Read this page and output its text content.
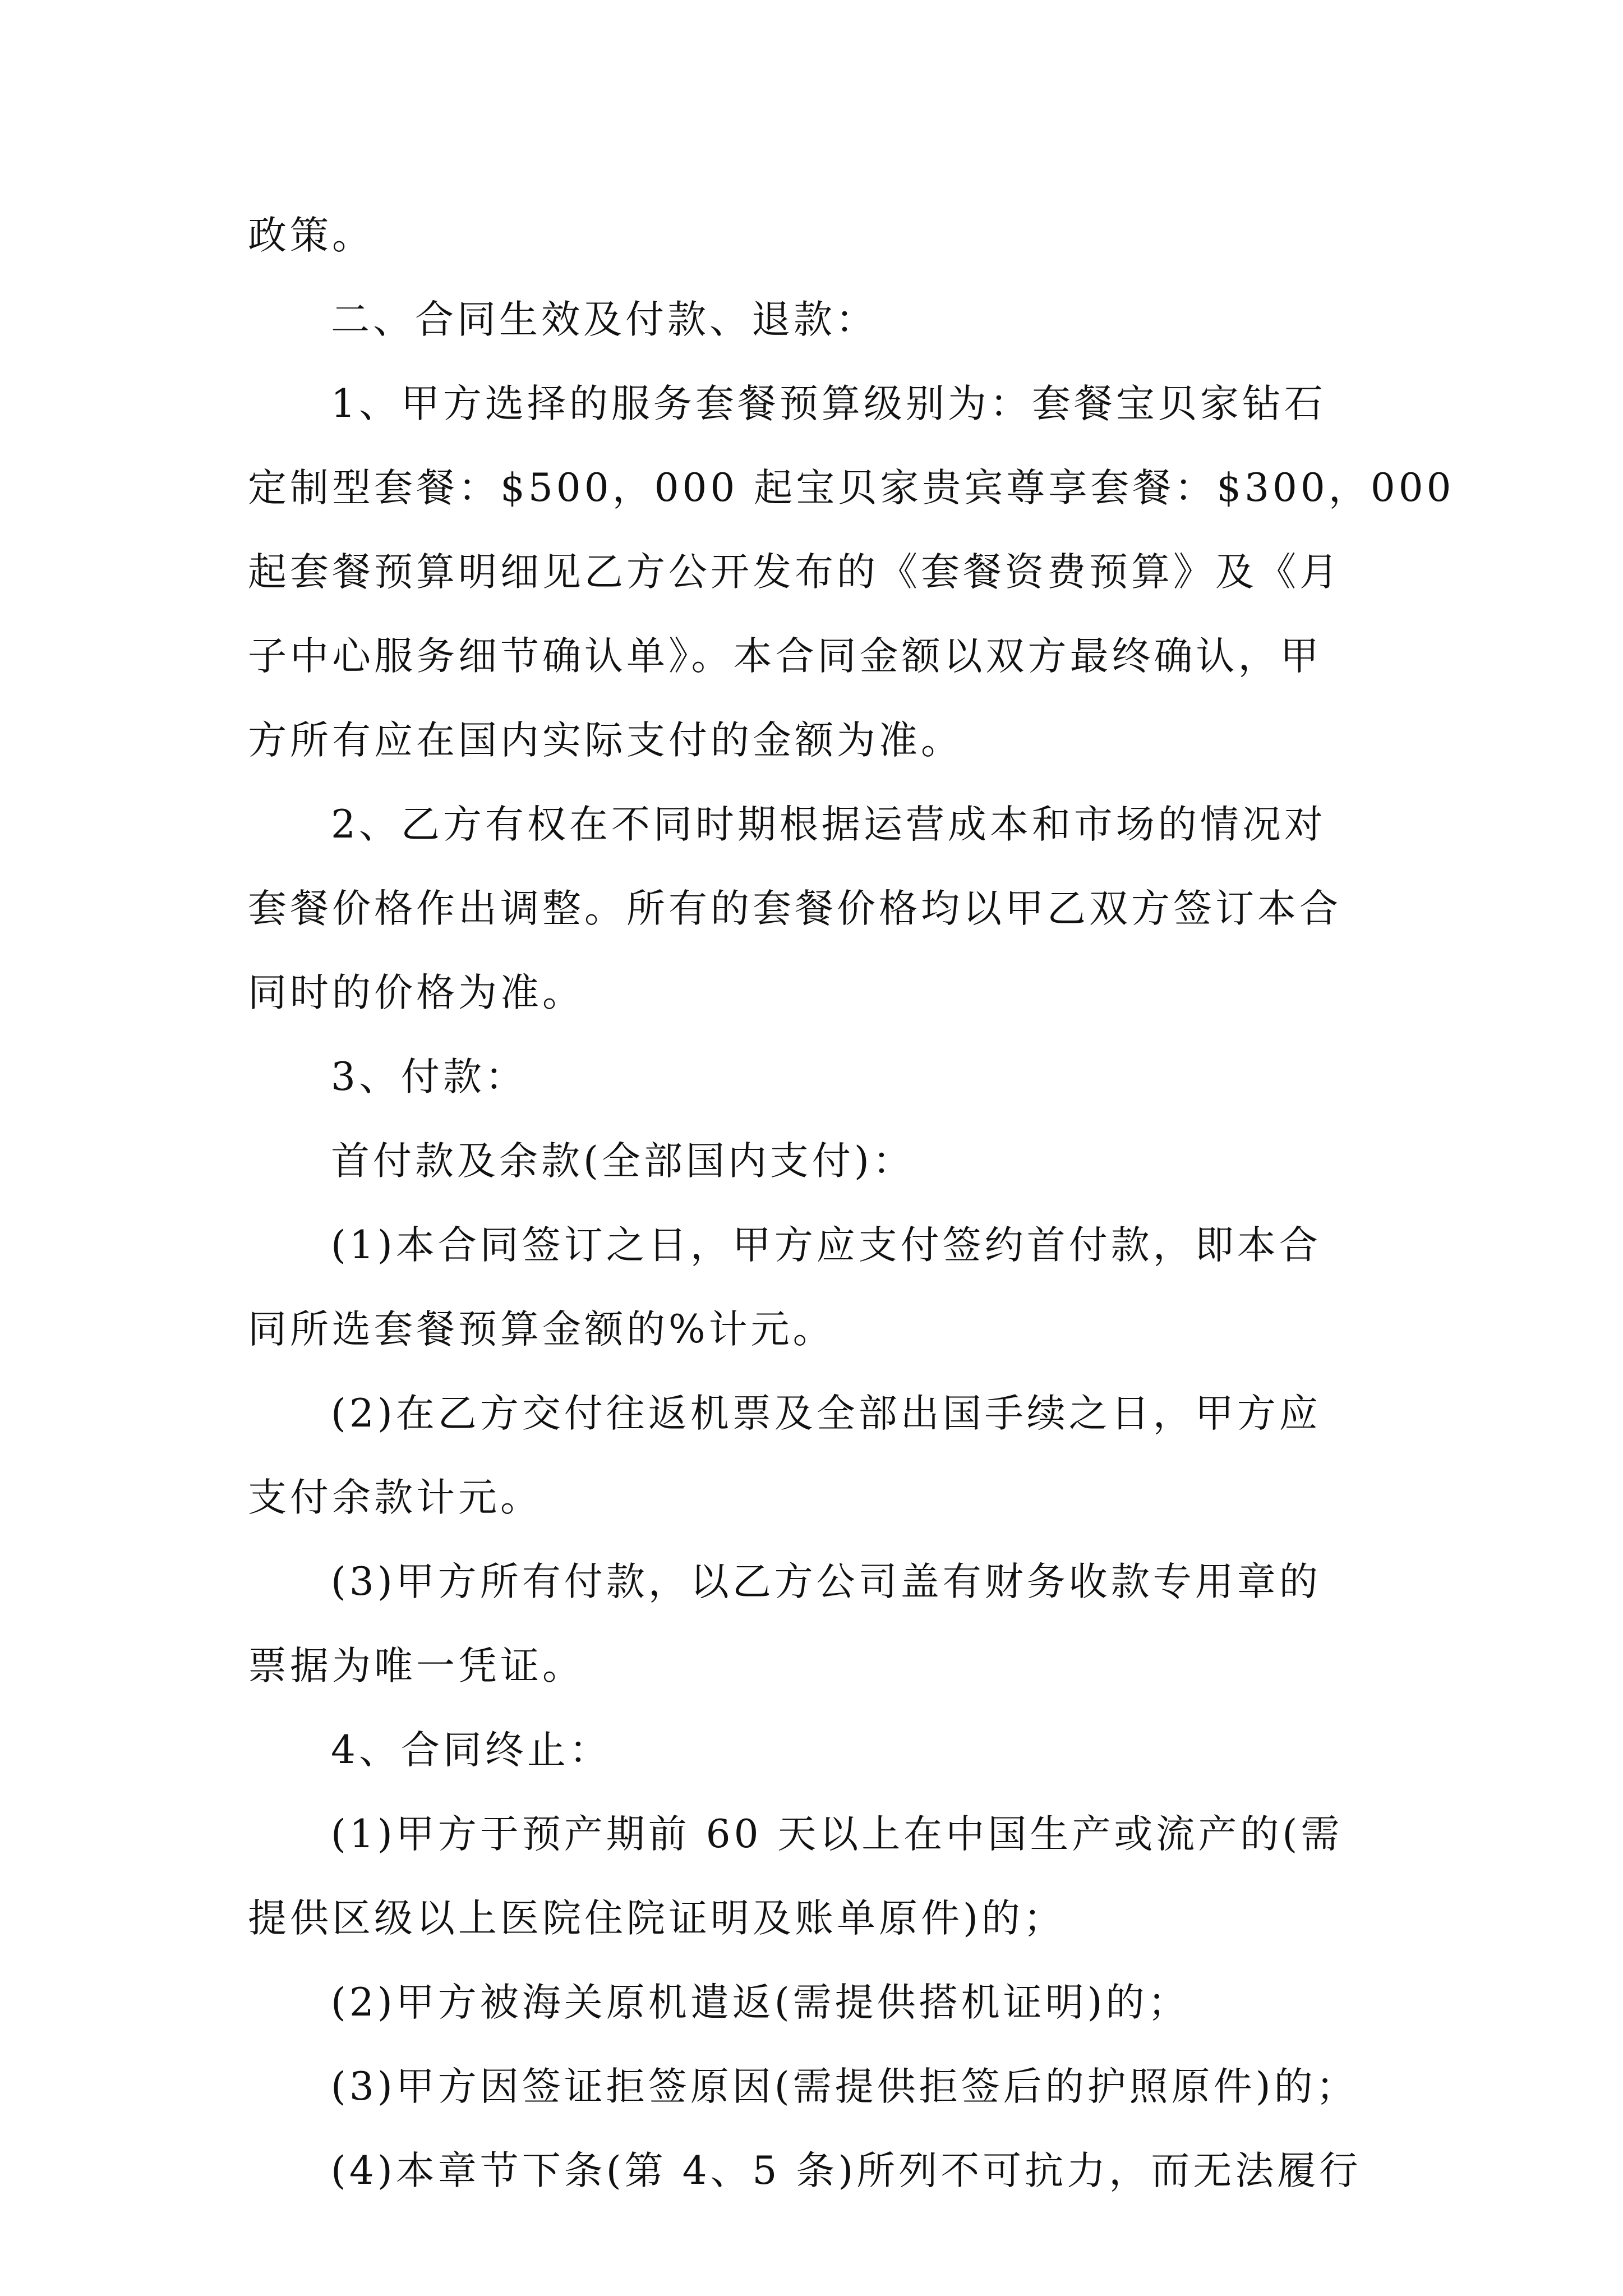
政策。
二、合同生效及付款、退款：
1、甲方选择的服务套餐预算级别为：套餐宝贝家钻石
定制型套餐：$500，000 起宝贝家贵宾尊享套餐：$300，000
起套餐预算明细见乙方公开发布的《套餐资费预算》及《月
子中心服务细节确认单》。本合同金额以双方最终确认，甲
方所有应在国内实际支付的金额为准。
2、乙方有权在不同时期根据运营成本和市场的情况对
套餐价格作出调整。所有的套餐价格均以甲乙双方签订本合
同时的价格为准。
3、付款：
首付款及余款(全部国内支付)：
(1)本合同签订之日，甲方应支付签约首付款，即本合
同所选套餐预算金额的%计元。
(2)在乙方交付往返机票及全部出国手续之日，甲方应
支付余款计元。
(3)甲方所有付款，以乙方公司盖有财务收款专用章的
票据为唯一凭证。
4、合同终止：
(1)甲方于预产期前 60 天以上在中国生产或流产的(需
提供区级以上医院住院证明及账单原件)的；
(2)甲方被海关原机遣返(需提供搭机证明)的；
(3)甲方因签证拒签原因(需提供拒签后的护照原件)的；
(4)本章节下条(第 4、5 条)所列不可抗力，而无法履行
